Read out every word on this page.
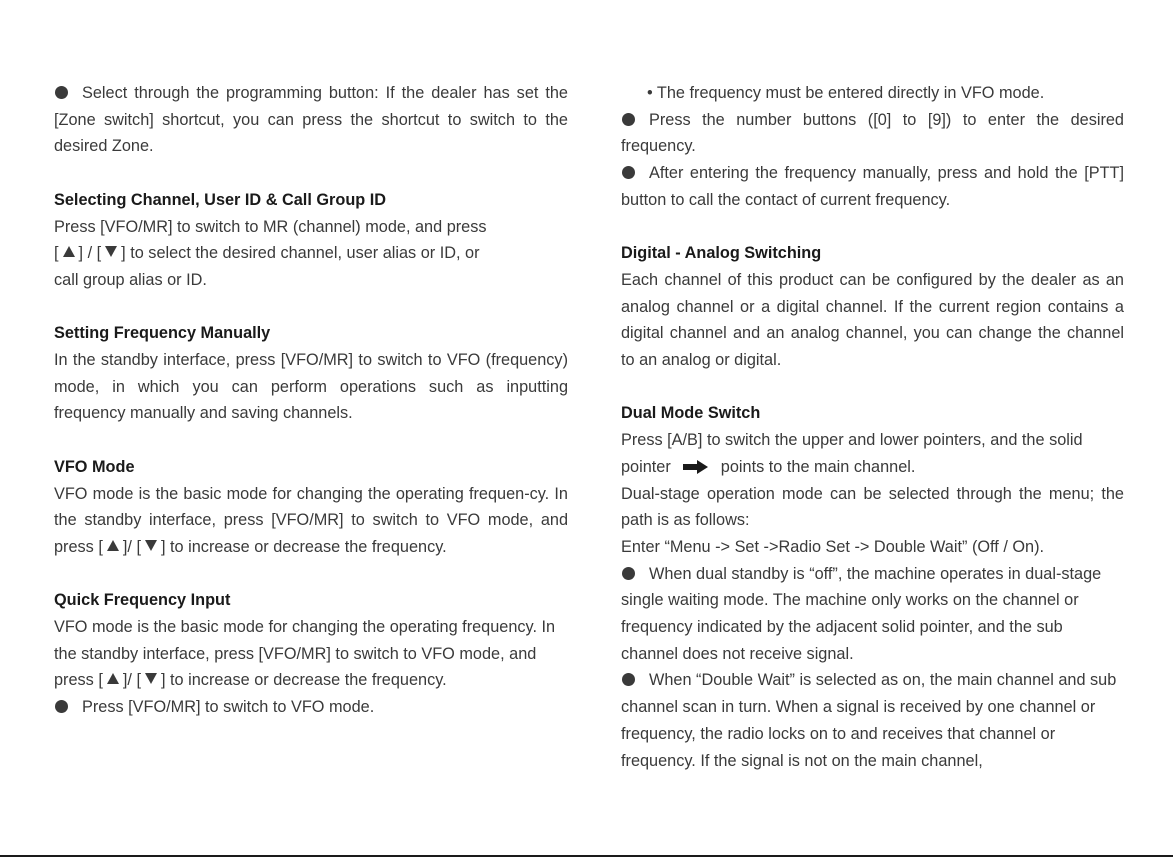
Select through the programming button: If the dealer has set the [Zone switch] shortcut, you can press the shortcut to switch to the desired Zone.

Selecting Channel, User ID & Call Group ID

Press [VFO/MR] to switch to MR (channel) mode, and press
[ ] / [ ] to select the desired channel, user alias or ID, or
call group alias or ID.

Setting Frequency Manually

In the standby interface, press [VFO/MR] to switch to VFO (frequency) mode, in which you can perform operations such as inputting frequency manually and saving channels.

VFO Mode

VFO mode is the basic mode for changing the operating frequen-cy. In the standby interface, press [VFO/MR] to switch to VFO mode, and press [ ]/ [ ] to increase or decrease the frequency.

Quick Frequency Input

VFO mode is the basic mode for changing the operating frequency. In the standby interface, press [VFO/MR] to switch to VFO mode, and press [ ]/ [ ] to increase or decrease the frequency.

Press [VFO/MR] to switch to VFO mode.

• The frequency must be entered directly in VFO mode.

Press the number buttons ([0] to [9]) to enter the desired frequency.

After entering the frequency manually, press and hold the [PTT] button to call the contact of current frequency.

Digital - Analog Switching

Each channel of this product can be configured by the dealer as an analog channel or a digital channel. If the current region contains a digital channel and an analog channel, you can change the channel to an analog or digital.

Dual Mode Switch

Press [A/B] to switch the upper and lower pointers, and the solid

pointer	points to the main channel.

Dual-stage operation mode can be selected through the menu; the path is as follows:

Enter “Menu -> Set ->Radio Set -> Double Wait” (Off / On).

When dual standby is “off”, the machine operates in dual-stage single waiting mode. The machine only works on the channel or frequency indicated by the adjacent solid pointer, and the sub channel does not receive signal.

When “Double Wait” is selected as on, the main channel and sub channel scan in turn. When a signal is received by one channel or frequency, the radio locks on to and receives that channel or frequency. If the signal is not on the main channel,
